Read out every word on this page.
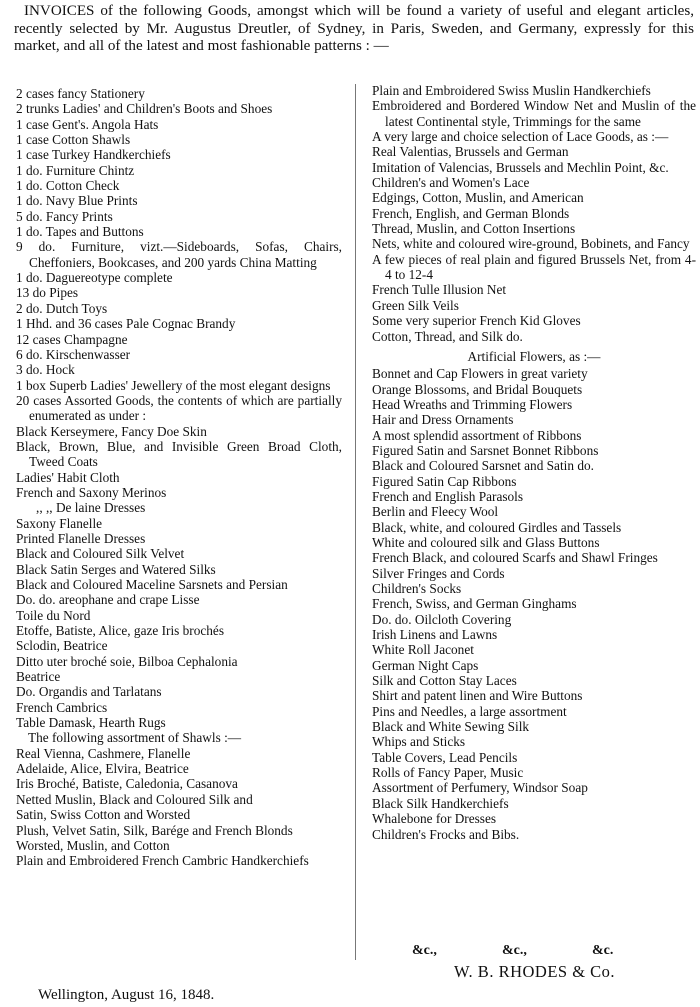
INVOICES of the following Goods, amongst which will be found a variety of useful and elegant articles, recently selected by Mr. Augustus Dreutler, of Sydney, in Paris, Sweden, and Germany, expressly for this market, and all of the latest and most fashionable patterns : —

2 cases fancy Stationery
2 trunks Ladies' and Children's Boots and Shoes
1 case Gent's. Angola Hats
1 case Cotton Shawls
1 case Turkey Handkerchiefs
1 do. Furniture Chintz
1 do. Cotton Check
1 do. Navy Blue Prints
5 do. Fancy Prints
1 do. Tapes and Buttons
9 do. Furniture, vizt.—Sideboards, Sofas, Chairs, Cheffoniers, Bookcases, and 200 yards China Matting
1 do. Daguereotype complete
13 do Pipes
2 do. Dutch Toys
1 Hhd. and 36 cases Pale Cognac Brandy
12 cases Champagne
6 do. Kirschenwasser
3 do. Hock
1 box Superb Ladies' Jewellery of the most elegant designs
20 cases Assorted Goods, the contents of which are partially enumerated as under :
Black Kerseymere, Fancy Doe Skin
Black, Brown, Blue, and Invisible Green Broad Cloth, Tweed Coats
Ladies' Habit Cloth
French and Saxony Merinos
,, ,, De laine Dresses
Saxony Flanelle
Printed Flanelle Dresses
Black and Coloured Silk Velvet
Black Satin Serges and Watered Silks
Black and Coloured Maceline Sarsnets and Persian
Do. do. areophane and crape Lisse
Toile du Nord
Etoffe, Batiste, Alice, gaze Iris brochés
Sclodin, Beatrice
Ditto uter broché soie, Bilboa Cephalonia
Beatrice
Do. Organdis and Tarlatans
French Cambrics
Table Damask, Hearth Rugs
The following assortment of Shawls :—
Real Vienna, Cashmere, Flanelle
Adelaide, Alice, Elvira, Beatrice
Iris Broché, Batiste, Caledonia, Casanova
Netted Muslin, Black and Coloured Silk and
Satin, Swiss Cotton and Worsted
Plush, Velvet Satin, Silk, Barége and French Blonds
Worsted, Muslin, and Cotton
Plain and Embroidered French Cambric Handkerchiefs
Plain and Embroidered Swiss Muslin Handkerchiefs
Embroidered and Bordered Window Net and Muslin of the latest Continental style, Trimmings for the same
A very large and choice selection of Lace Goods, as :—
Real Valentias, Brussels and German
Imitation of Valencias, Brussels and Mechlin Point, &c.
Children's and Women's Lace
Edgings, Cotton, Muslin, and American
French, English, and German Blonds
Thread, Muslin, and Cotton Insertions
Nets, white and coloured wire-ground, Bobinets, and Fancy
A few pieces of real plain and figured Brussels Net, from 4-4 to 12-4
French Tulle Illusion Net
Green Silk Veils
Some very superior French Kid Gloves
Cotton, Thread, and Silk do.
Artificial Flowers, as :—
Bonnet and Cap Flowers in great variety
Orange Blossoms, and Bridal Bouquets
Head Wreaths and Trimming Flowers
Hair and Dress Ornaments
A most splendid assortment of Ribbons
Figured Satin and Sarsnet Bonnet Ribbons
Black and Coloured Sarsnet and Satin do.
Figured Satin Cap Ribbons
French and English Parasols
Berlin and Fleecy Wool
Black, white, and coloured Girdles and Tassels
White and coloured silk and Glass Buttons
French Black, and coloured Scarfs and Shawl Fringes
Silver Fringes and Cords
Children's Socks
French, Swiss, and German Ginghams
Do. do. Oilcloth Covering
Irish Linens and Lawns
White Roll Jaconet
German Night Caps
Silk and Cotton Stay Laces
Shirt and patent linen and Wire Buttons
Pins and Needles, a large assortment
Black and White Sewing Silk
Whips and Sticks
Table Covers, Lead Pencils
Rolls of Fancy Paper, Music
Assortment of Perfumery, Windsor Soap
Black Silk Handkerchiefs
Whalebone for Dresses
Children's Frocks and Bibs.
&c.,	&c.,	&c.
W. B. RHODES & Co.
Wellington, August 16, 1848.
